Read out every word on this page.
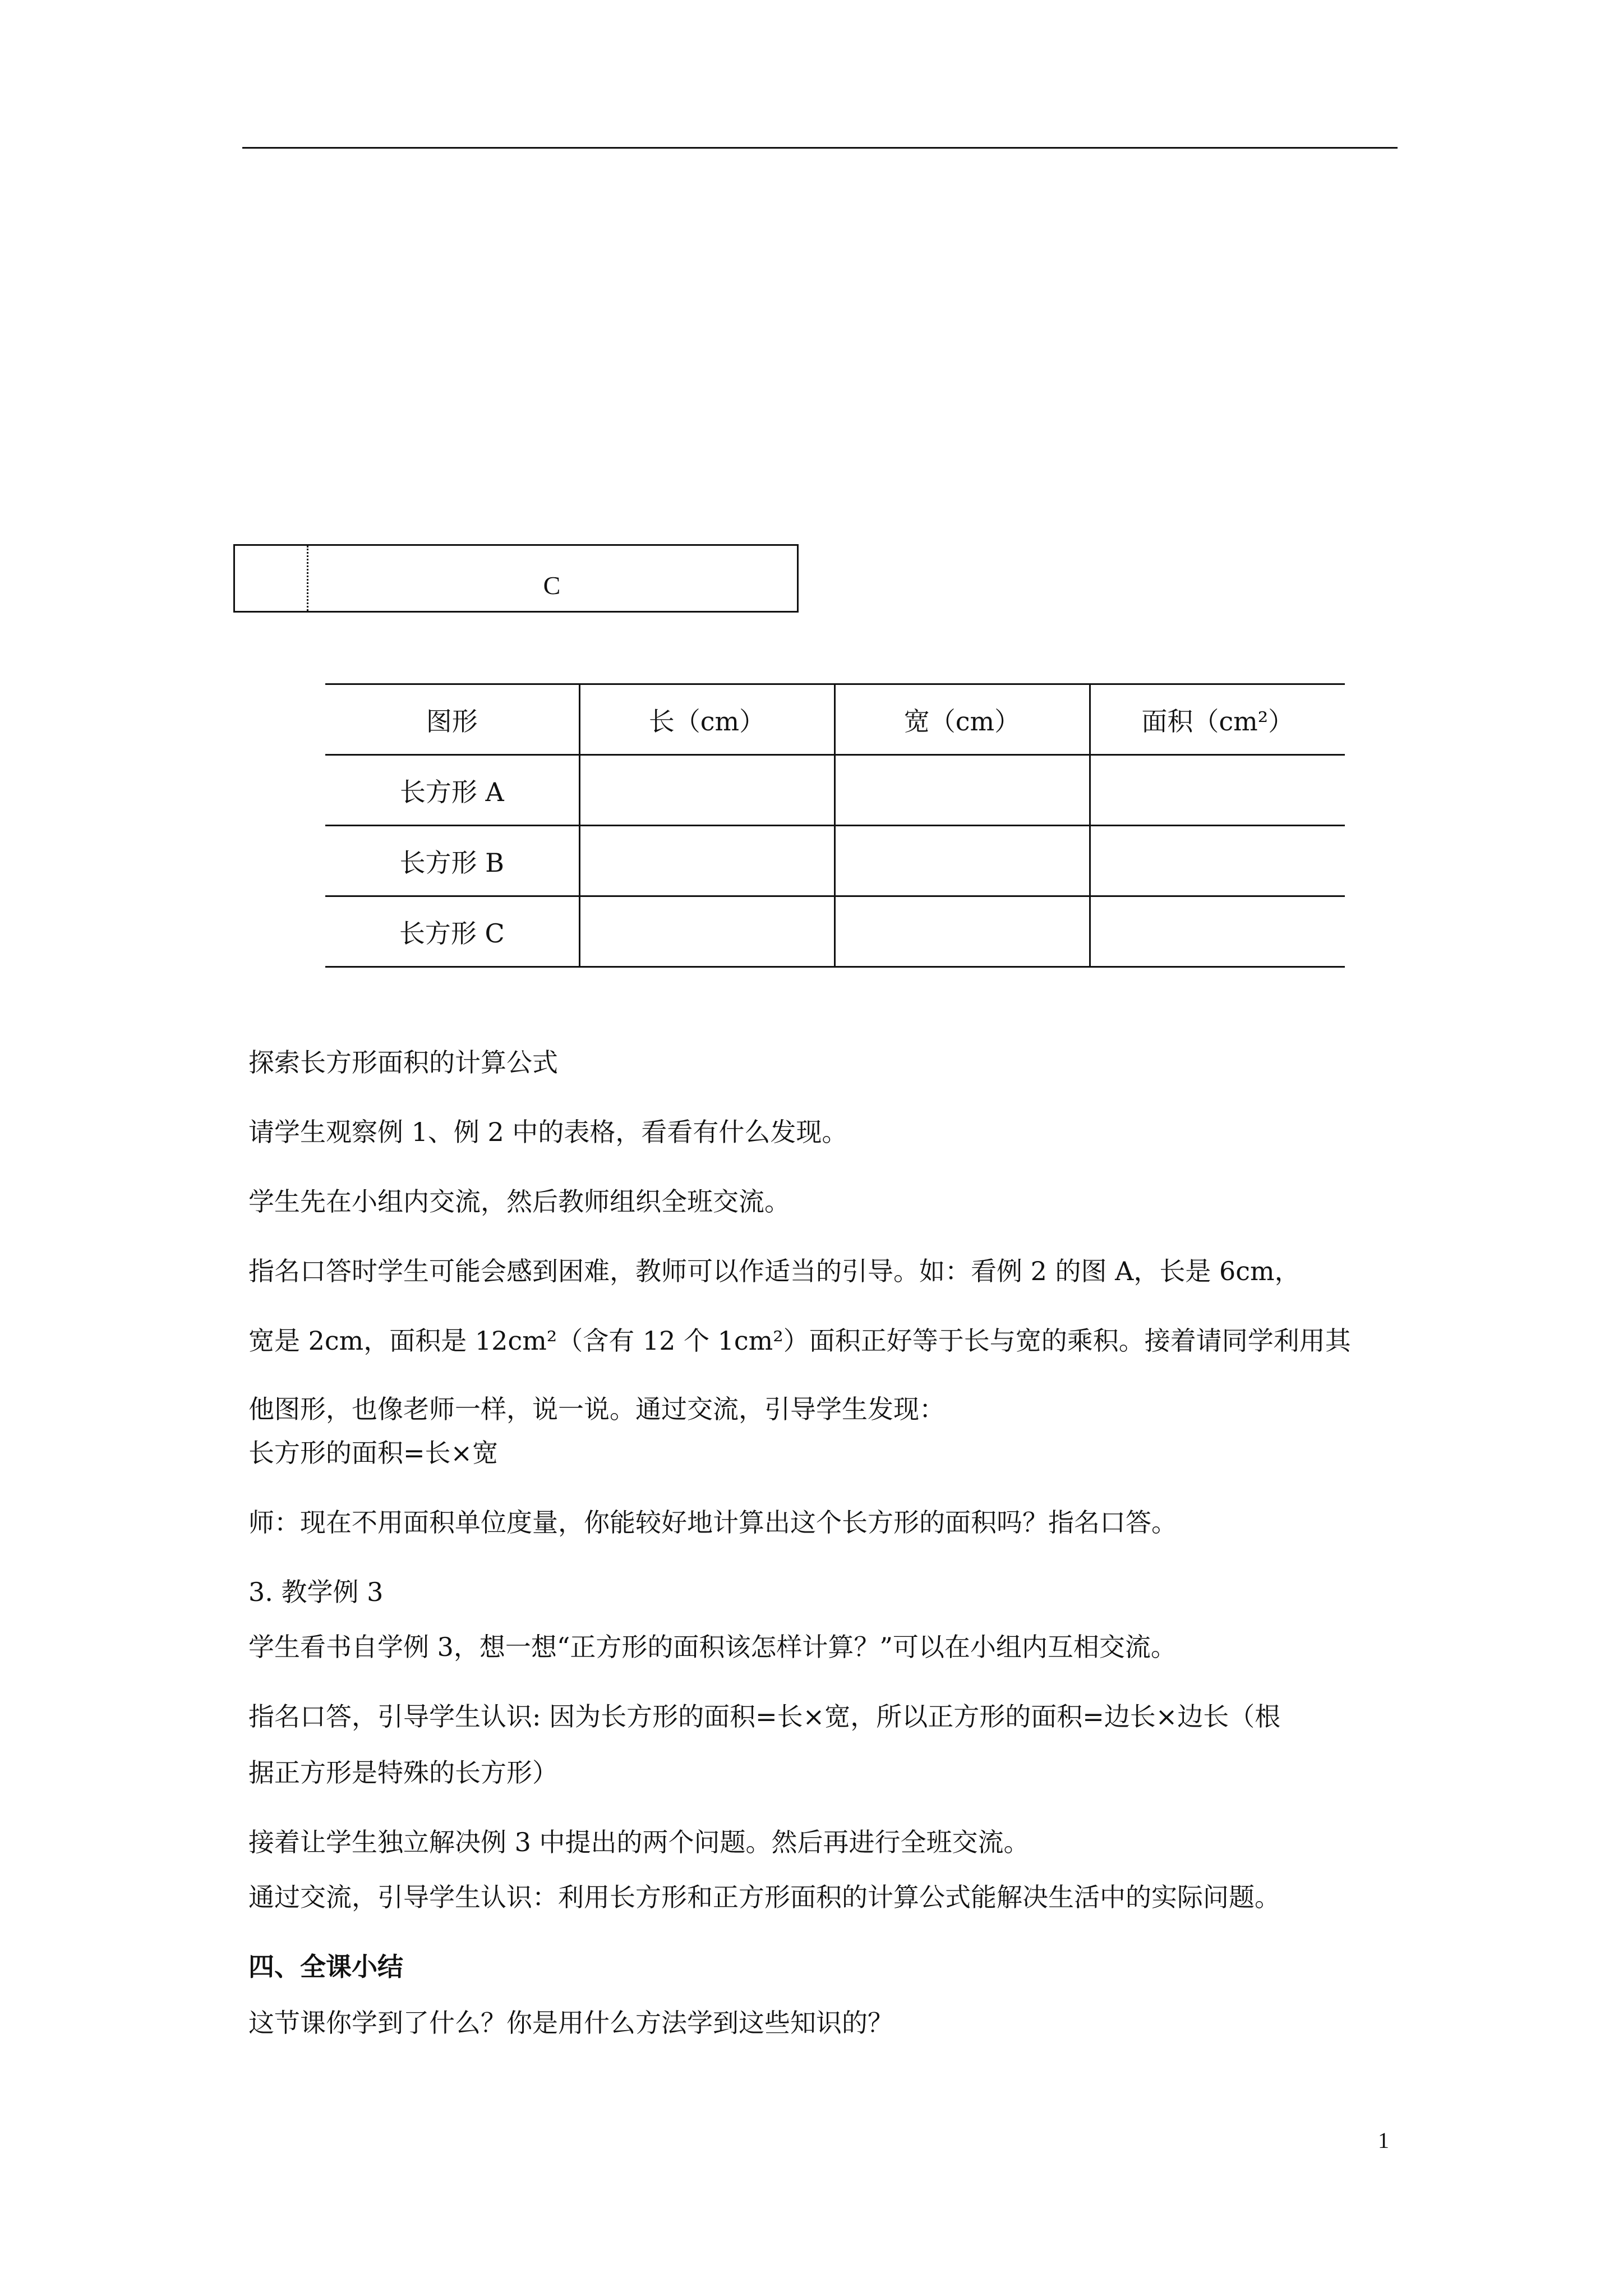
C
图形	长（cm）	宽（cm）	面积（cm²）
长方形 A			
长方形 B			
长方形 C			
探索长方形面积的计算公式
请学生观察例 1、例 2 中的表格，看看有什么发现。
学生先在小组内交流，然后教师组织全班交流。
指名口答时学生可能会感到困难，教师可以作适当的引导。如：看例 2 的图 A，长是 6cm，
宽是 2cm，面积是 12cm²（含有 12 个 1cm²）面积正好等于长与宽的乘积。接着请同学利用其
他图形，也像老师一样，说一说。通过交流，引导学生发现：
长方形的面积=长×宽
师：现在不用面积单位度量，你能较好地计算出这个长方形的面积吗？指名口答。
3. 教学例 3
学生看书自学例 3，想一想“正方形的面积该怎样计算？”可以在小组内互相交流。
指名口答，引导学生认识: 因为长方形的面积=长×宽，所以正方形的面积=边长×边长（根
据正方形是特殊的长方形）
接着让学生独立解决例 3 中提出的两个问题。然后再进行全班交流。
通过交流，引导学生认识：利用长方形和正方形面积的计算公式能解决生活中的实际问题。
四、全课小结
这节课你学到了什么？你是用什么方法学到这些知识的？
1
